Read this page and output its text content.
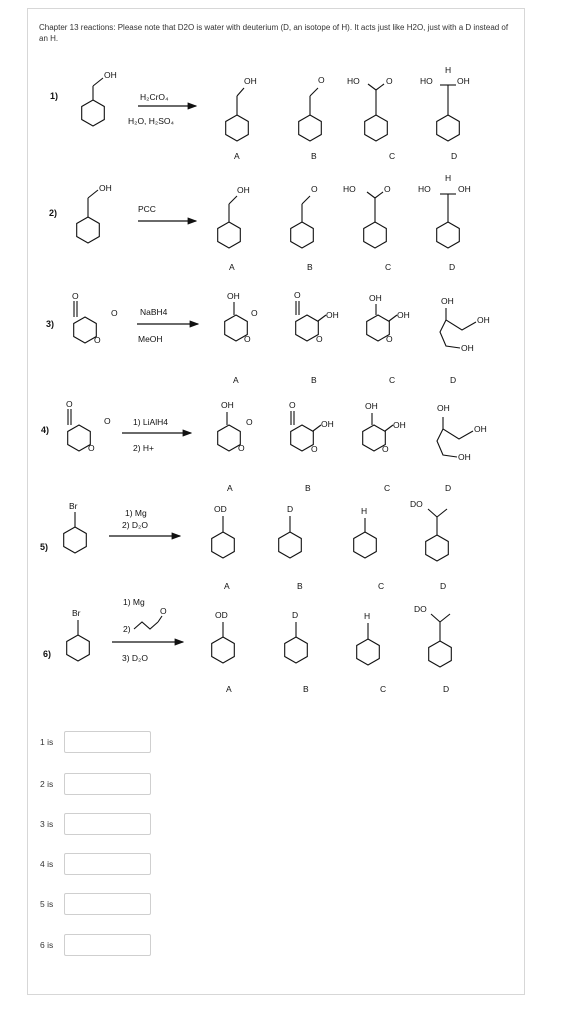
Chapter 13 reactions: Please note that D2O is water with deuterium (D, an isotope of H). It acts just like H2O, just with a D instead of an H.
1)
OH
H₂CrO₄
H₂O, H₂SO₄
OH	O	HO	O	HO
H
OH
A	B	C	D
2)
OH
PCC
OH	O	HO	O	HO
H
OH
A	B	C	D
3)
O
O
O
NaBH4
MeOH
OH
O
O
O
OH
O
OH
OH
O
OH
OH
OH
A	B	C	D
4)
O
O
O
1) LiAlH4
2) H+
OH
O
O
O
OH
O
OH
OH
O
OH
OH
OH
A	B	C	D
5)
Br
1) Mg
2) D₂O
OD	D	H
DO
A	B	C	D
6)
Br
1) Mg
2)
O
3) D₂O
OD	D	H
DO
A	B	C	D
1 is
2 is
3 is
4 is
5 is
6 is
